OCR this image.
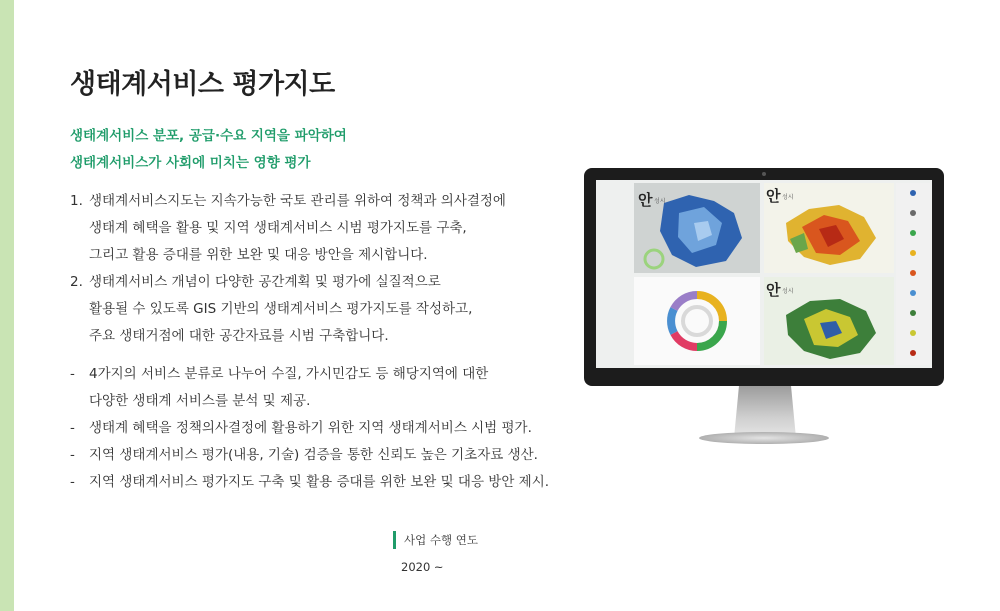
생태계서비스 평가지도
생태계서비스 분포, 공급·수요 지역을 파악하여
생태계서비스가 사회에 미치는 영향 평가
1. 생태계서비스지도는 지속가능한 국토 관리를 위하여 정책과 의사결정에
생태계 혜택을 활용 및 지역 생태계서비스 시범 평가지도를 구축,
그리고 활용 증대를 위한 보완 및 대응 방안을 제시합니다.
2. 생태계서비스 개념이 다양한 공간계획 및 평가에 실질적으로
활용될 수 있도록 GIS 기반의 생태계서비스 평가지도를 작성하고,
주요 생태거점에 대한 공간자료를 시범 구축합니다.
-	4가지의 서비스 분류로 나누어 수질, 가시민감도 등 해당지역에 대한
다양한 생태계 서비스를 분석 및 제공.
-	생태계 혜택을 정책의사결정에 활용하기 위한 지역 생태계서비스 시범 평가.
-	지역 생태계서비스 평가(내용, 기술) 검증을 통한 신뢰도 높은 기초자료 생산.
-	지역 생태계서비스 평가지도 구축 및 활용 증대를 위한 보완 및 대응 방안 제시.
사업 수행 연도
2020 ~
안 성시	안 성시
안 성시
